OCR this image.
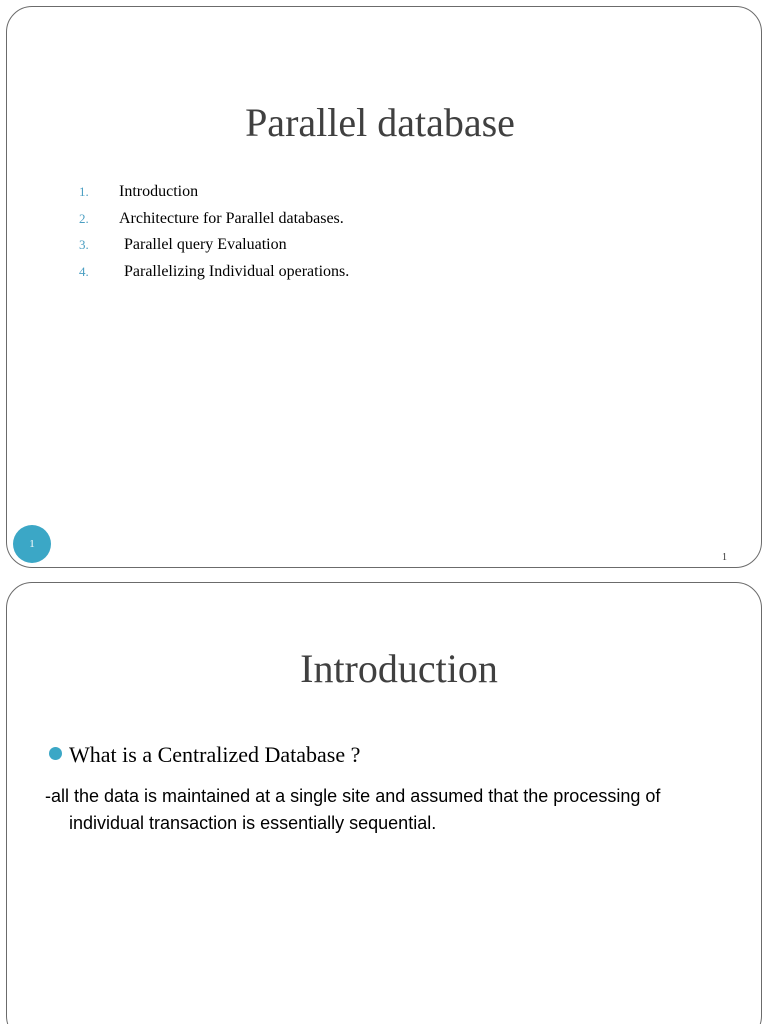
Parallel database
1. Introduction
2. Architecture for Parallel databases.
3. Parallel query Evaluation
4. Parallelizing Individual operations.
1
1
Introduction
What is a Centralized Database ?
-all the data is maintained at a single site and assumed that the processing of
individual transaction is essentially sequential.
